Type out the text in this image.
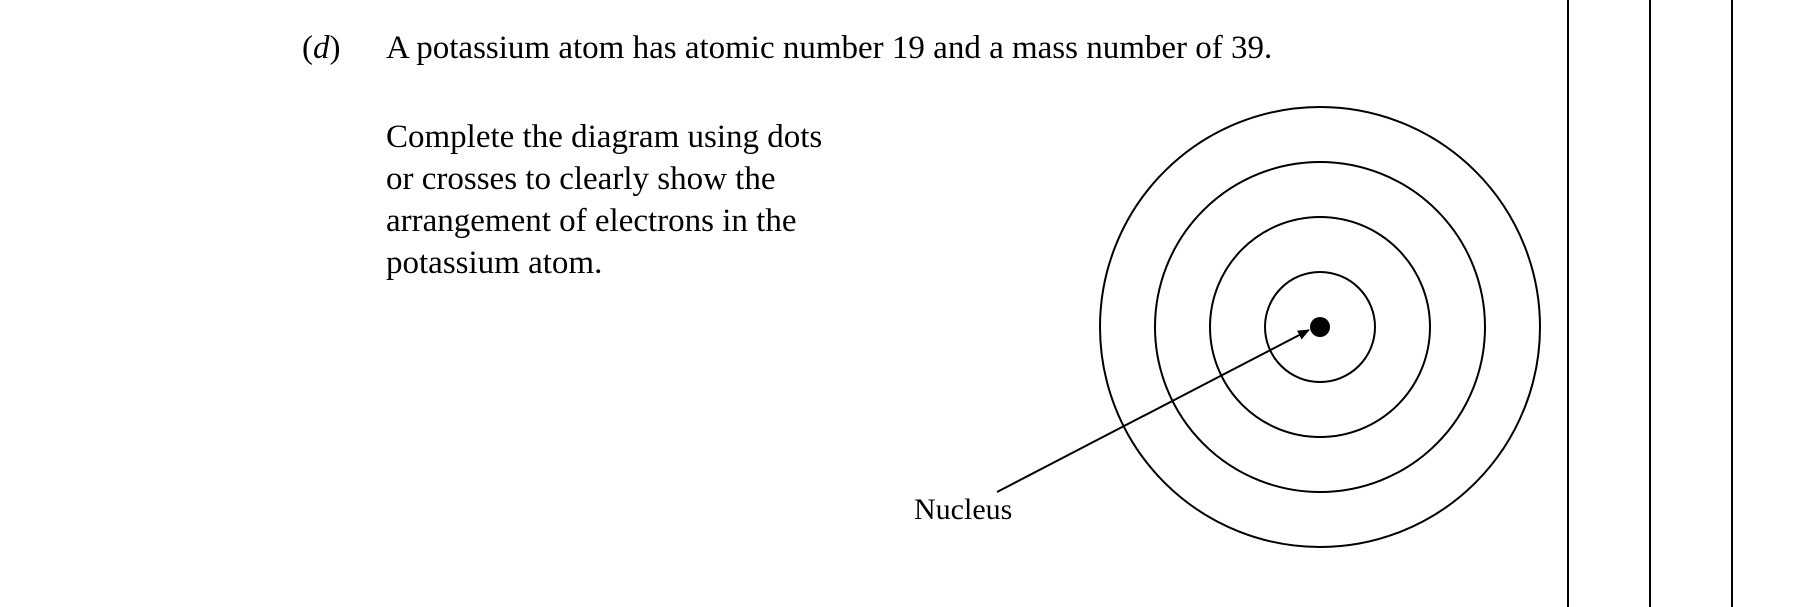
(d) A potassium atom has atomic number 19 and a mass number of 39.
Complete the diagram using dots
or crosses to clearly show the
arrangement of electrons in the
potassium atom.
Nucleus
